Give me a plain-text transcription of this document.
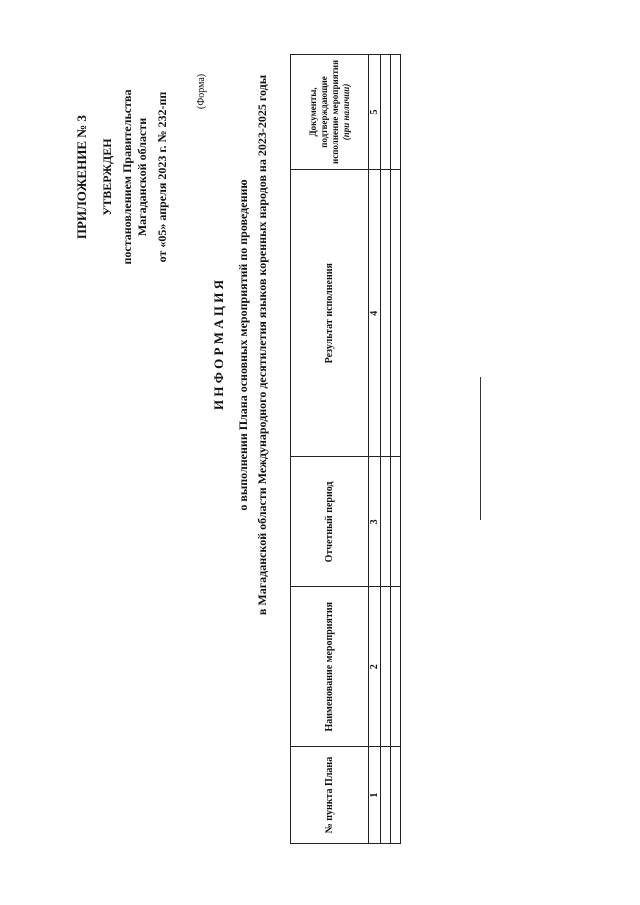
ПРИЛОЖЕНИЕ № 3 УТВЕРЖДЕН постановлением Правительства Магаданской области от «05» апреля 2023 г. № 232-пп
(Форма)
И Н Ф О Р М А Ц И Я о выполнении Плана основных мероприятий по проведению в Магаданской области Международного десятилетия языков коренных народов на 2023-2025 годы
№ пункта Плана	Наименование мероприятия	Отчетный период	Результат исполнения	Документы, подтверждающие исполнение мероприятия
(при наличии)
1	2	3	4	5
